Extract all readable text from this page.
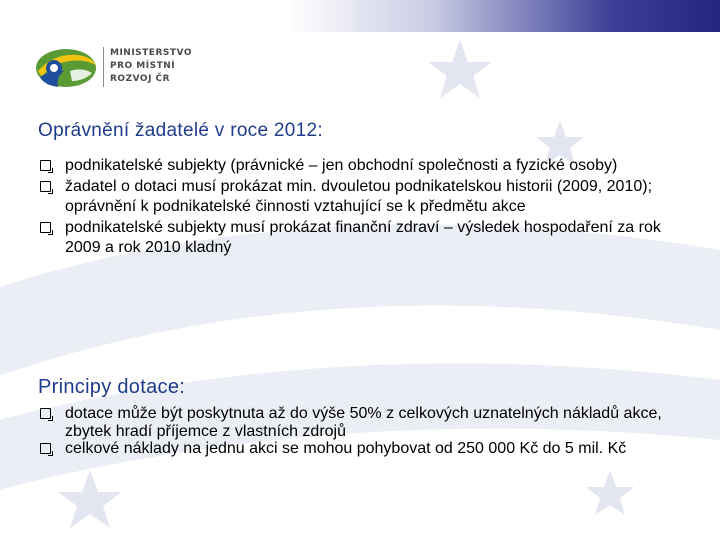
MINISTERSTVO
PRO MÍSTNÍ
ROZVOJ ČR
Oprávnění žadatelé v roce 2012:
podnikatelské subjekty (právnické – jen obchodní společnosti a fyzické osoby)
žadatel o dotaci musí prokázat min. dvouletou podnikatelskou historii (2009, 2010); oprávnění k podnikatelské činnosti vztahující se k předmětu akce
podnikatelské subjekty musí prokázat finanční zdraví – výsledek hospodaření za rok 2009 a rok 2010 kladný
Principy dotace:
dotace může být poskytnuta až do výše 50% z celkových uznatelných nákladů akce, zbytek hradí příjemce z vlastních zdrojů
celkové náklady na jednu akci se mohou pohybovat od 250 000 Kč do 5 mil. Kč
